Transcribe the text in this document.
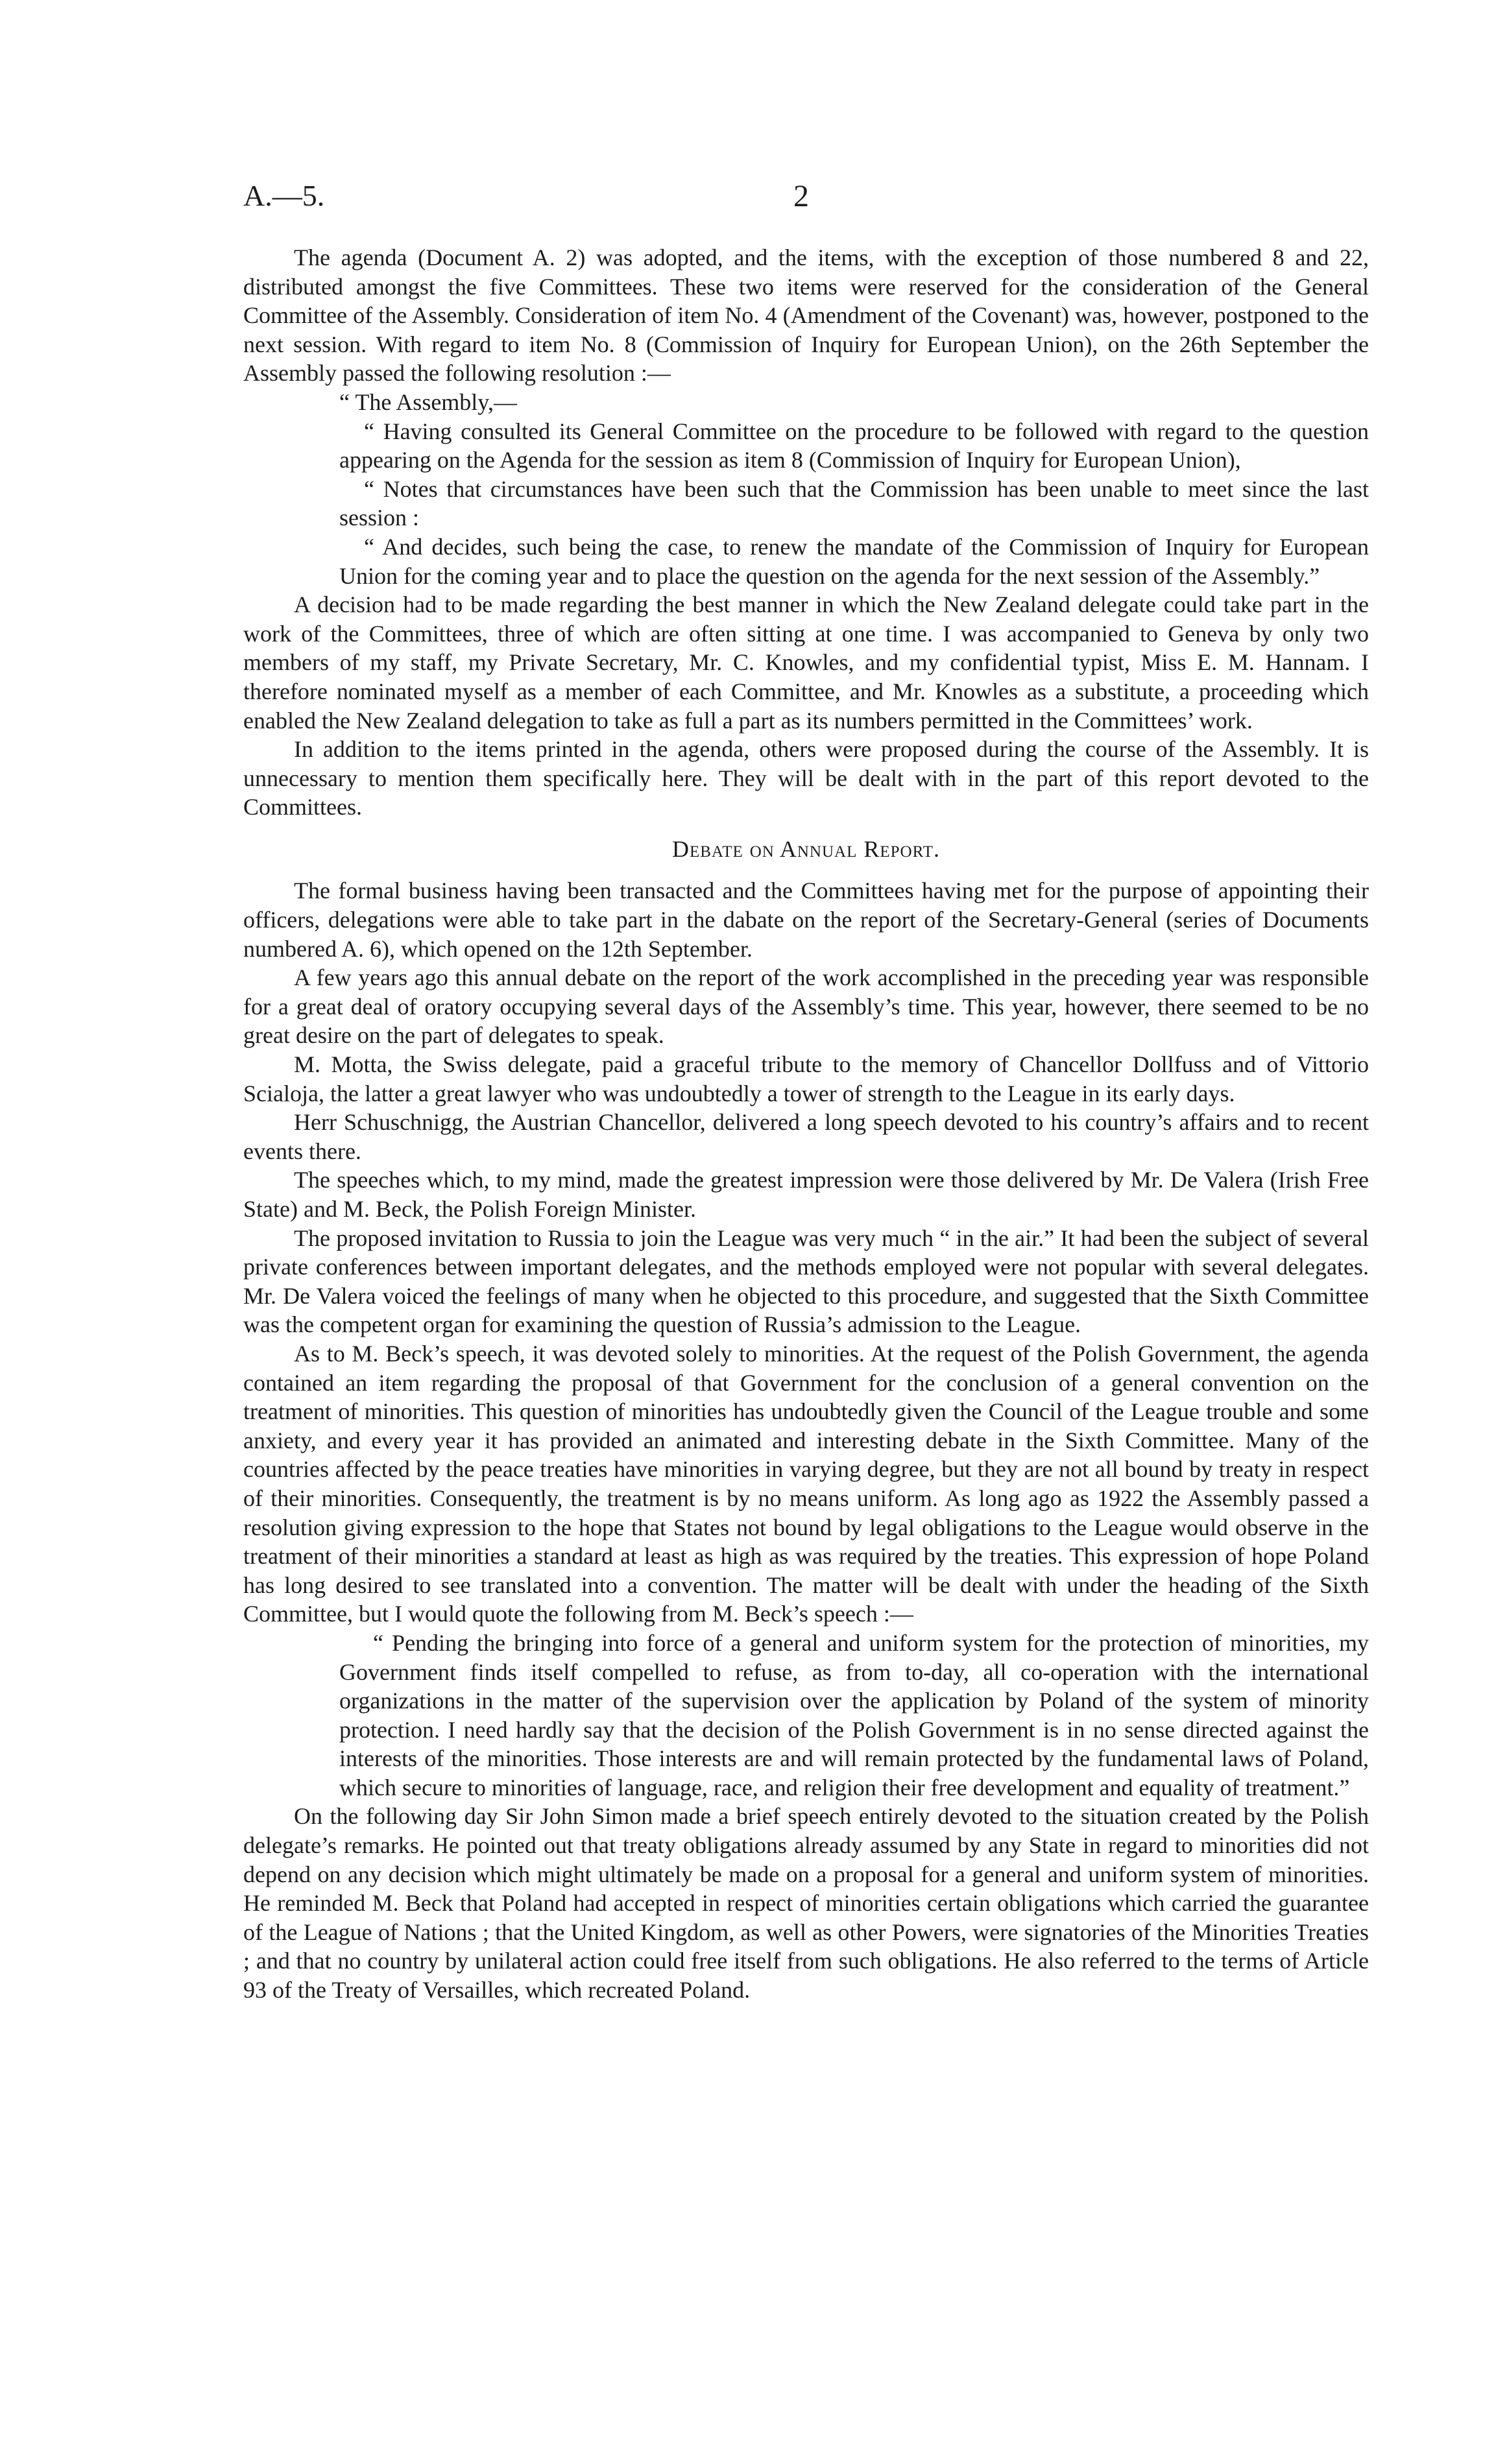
A.—5.	2

The agenda (Document A. 2) was adopted, and the items, with the exception of those numbered 8 and 22, distributed amongst the five Committees. These two items were reserved for the consideration of the General Committee of the Assembly. Consideration of item No. 4 (Amendment of the Covenant) was, however, postponed to the next session. With regard to item No. 8 (Commission of Inquiry for European Union), on the 26th September the Assembly passed the following resolution :—

“ The Assembly,—

“ Having consulted its General Committee on the procedure to be followed with regard to the question appearing on the Agenda for the session as item 8 (Commission of Inquiry for European Union),

“ Notes that circumstances have been such that the Commission has been unable to meet since the last session :

“ And decides, such being the case, to renew the mandate of the Commission of Inquiry for European Union for the coming year and to place the question on the agenda for the next session of the Assembly.”

A decision had to be made regarding the best manner in which the New Zealand delegate could take part in the work of the Committees, three of which are often sitting at one time. I was accompanied to Geneva by only two members of my staff, my Private Secretary, Mr. C. Knowles, and my confidential typist, Miss E. M. Hannam. I therefore nominated myself as a member of each Committee, and Mr. Knowles as a substitute, a proceeding which enabled the New Zealand delegation to take as full a part as its numbers permitted in the Committees’ work.

In addition to the items printed in the agenda, others were proposed during the course of the Assembly. It is unnecessary to mention them specifically here. They will be dealt with in the part of this report devoted to the Committees.

Debate on Annual Report.

The formal business having been transacted and the Committees having met for the purpose of appointing their officers, delegations were able to take part in the dabate on the report of the Secretary-General (series of Documents numbered A. 6), which opened on the 12th September.

A few years ago this annual debate on the report of the work accomplished in the preceding year was responsible for a great deal of oratory occupying several days of the Assembly’s time. This year, however, there seemed to be no great desire on the part of delegates to speak.

M. Motta, the Swiss delegate, paid a graceful tribute to the memory of Chancellor Dollfuss and of Vittorio Scialoja, the latter a great lawyer who was undoubtedly a tower of strength to the League in its early days.

Herr Schuschnigg, the Austrian Chancellor, delivered a long speech devoted to his country’s affairs and to recent events there.

The speeches which, to my mind, made the greatest impression were those delivered by Mr. De Valera (Irish Free State) and M. Beck, the Polish Foreign Minister.

The proposed invitation to Russia to join the League was very much “ in the air.” It had been the subject of several private conferences between important delegates, and the methods employed were not popular with several delegates. Mr. De Valera voiced the feelings of many when he objected to this procedure, and suggested that the Sixth Committee was the competent organ for examining the question of Russia’s admission to the League.

As to M. Beck’s speech, it was devoted solely to minorities. At the request of the Polish Government, the agenda contained an item regarding the proposal of that Government for the conclusion of a general convention on the treatment of minorities. This question of minorities has undoubtedly given the Council of the League trouble and some anxiety, and every year it has provided an animated and interesting debate in the Sixth Committee. Many of the countries affected by the peace treaties have minorities in varying degree, but they are not all bound by treaty in respect of their minorities. Consequently, the treatment is by no means uniform. As long ago as 1922 the Assembly passed a resolution giving expression to the hope that States not bound by legal obligations to the League would observe in the treatment of their minorities a standard at least as high as was required by the treaties. This expression of hope Poland has long desired to see translated into a convention. The matter will be dealt with under the heading of the Sixth Committee, but I would quote the following from M. Beck’s speech :—

“ Pending the bringing into force of a general and uniform system for the protection of minorities, my Government finds itself compelled to refuse, as from to-day, all co-operation with the international organizations in the matter of the supervision over the application by Poland of the system of minority protection. I need hardly say that the decision of the Polish Government is in no sense directed against the interests of the minorities. Those interests are and will remain protected by the fundamental laws of Poland, which secure to minorities of language, race, and religion their free development and equality of treatment.”

On the following day Sir John Simon made a brief speech entirely devoted to the situation created by the Polish delegate’s remarks. He pointed out that treaty obligations already assumed by any State in regard to minorities did not depend on any decision which might ultimately be made on a proposal for a general and uniform system of minorities. He reminded M. Beck that Poland had accepted in respect of minorities certain obligations which carried the guarantee of the League of Nations ; that the United Kingdom, as well as other Powers, were signatories of the Minorities Treaties ; and that no country by unilateral action could free itself from such obligations. He also referred to the terms of Article 93 of the Treaty of Versailles, which recreated Poland.
